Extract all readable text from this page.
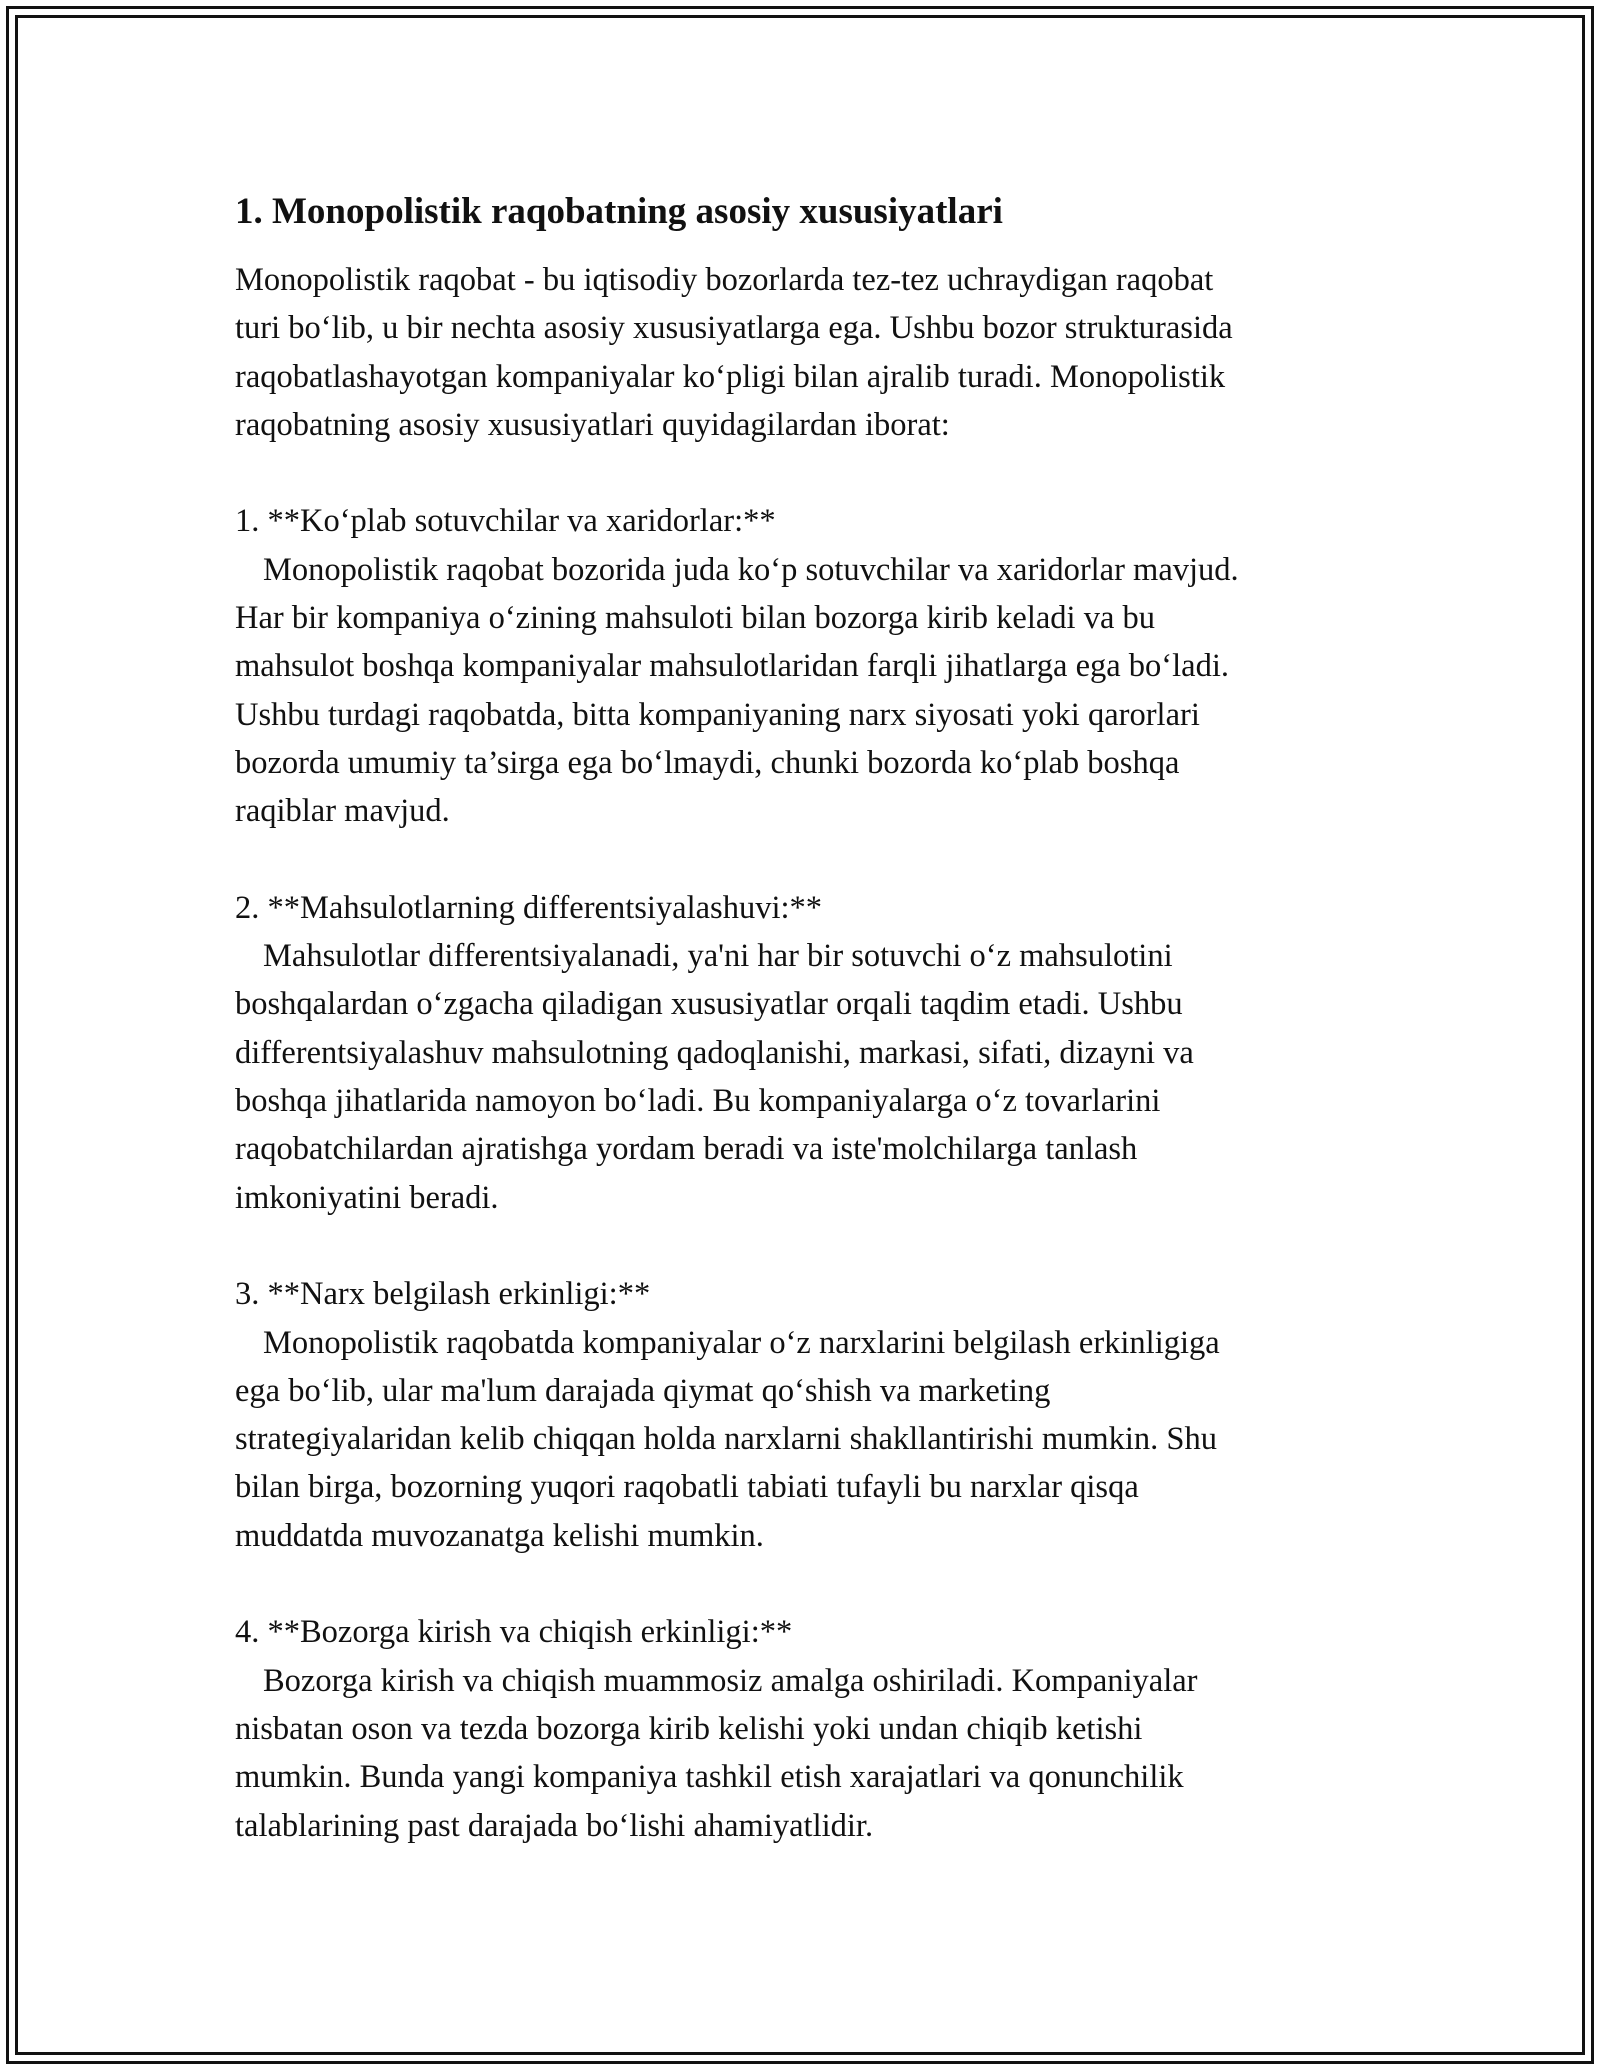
1. Monopolistik raqobatning asosiy xususiyatlari

Monopolistik raqobat - bu iqtisodiy bozorlarda tez-tez uchraydigan raqobat
turi bo‘lib, u bir nechta asosiy xususiyatlarga ega. Ushbu bozor strukturasida
raqobatlashayotgan kompaniyalar ko‘pligi bilan ajralib turadi. Monopolistik
raqobatning asosiy xususiyatlari quyidagilardan iborat:

1. **Ko‘plab sotuvchilar va xaridorlar:**

Monopolistik raqobat bozorida juda ko‘p sotuvchilar va xaridorlar mavjud.
Har bir kompaniya o‘zining mahsuloti bilan bozorga kirib keladi va bu
mahsulot boshqa kompaniyalar mahsulotlaridan farqli jihatlarga ega bo‘ladi.
Ushbu turdagi raqobatda, bitta kompaniyaning narx siyosati yoki qarorlari
bozorda umumiy ta’sirga ega bo‘lmaydi, chunki bozorda ko‘plab boshqa
raqiblar mavjud.

2. **Mahsulotlarning differentsiyalashuvi:**

Mahsulotlar differentsiyalanadi, ya'ni har bir sotuvchi o‘z mahsulotini
boshqalardan o‘zgacha qiladigan xususiyatlar orqali taqdim etadi. Ushbu
differentsiyalashuv mahsulotning qadoqlanishi, markasi, sifati, dizayni va
boshqa jihatlarida namoyon bo‘ladi. Bu kompaniyalarga o‘z tovarlarini
raqobatchilardan ajratishga yordam beradi va iste'molchilarga tanlash
imkoniyatini beradi.

3. **Narx belgilash erkinligi:**

Monopolistik raqobatda kompaniyalar o‘z narxlarini belgilash erkinligiga
ega bo‘lib, ular ma'lum darajada qiymat qo‘shish va marketing
strategiyalaridan kelib chiqqan holda narxlarni shakllantirishi mumkin. Shu
bilan birga, bozorning yuqori raqobatli tabiati tufayli bu narxlar qisqa
muddatda muvozanatga kelishi mumkin.

4. **Bozorga kirish va chiqish erkinligi:**

Bozorga kirish va chiqish muammosiz amalga oshiriladi. Kompaniyalar
nisbatan oson va tezda bozorga kirib kelishi yoki undan chiqib ketishi
mumkin. Bunda yangi kompaniya tashkil etish xarajatlari va qonunchilik
talablarining past darajada bo‘lishi ahamiyatlidir.
